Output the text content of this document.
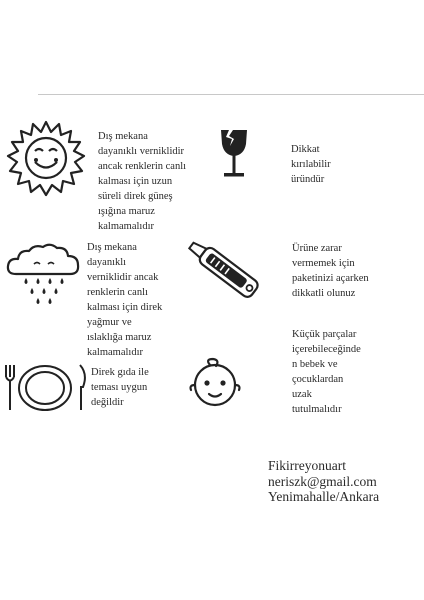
Dış mekana
dayanıklı verniklidir
ancak renklerin canlı
kalması için uzun
süreli direk güneş
ışığına maruz
kalmamalıdır
Dikkat
kırılabilir
üründür
Dış mekana
dayanıklı
verniklidir ancak
renklerin canlı
kalması için direk
yağmur ve
ıslaklığa maruz
kalmamalıdır
Ürüne zarar
vermemek için
paketinizi açarken
dikkatli olunuz
Direk gıda ile
teması uygun
değildir
Küçük parçalar
içerebileceğinde
n bebek ve
çocuklardan
uzak
tutulmalıdır
Fikirreyonuart
neriszk@gmail.com
Yenimahalle/Ankara
